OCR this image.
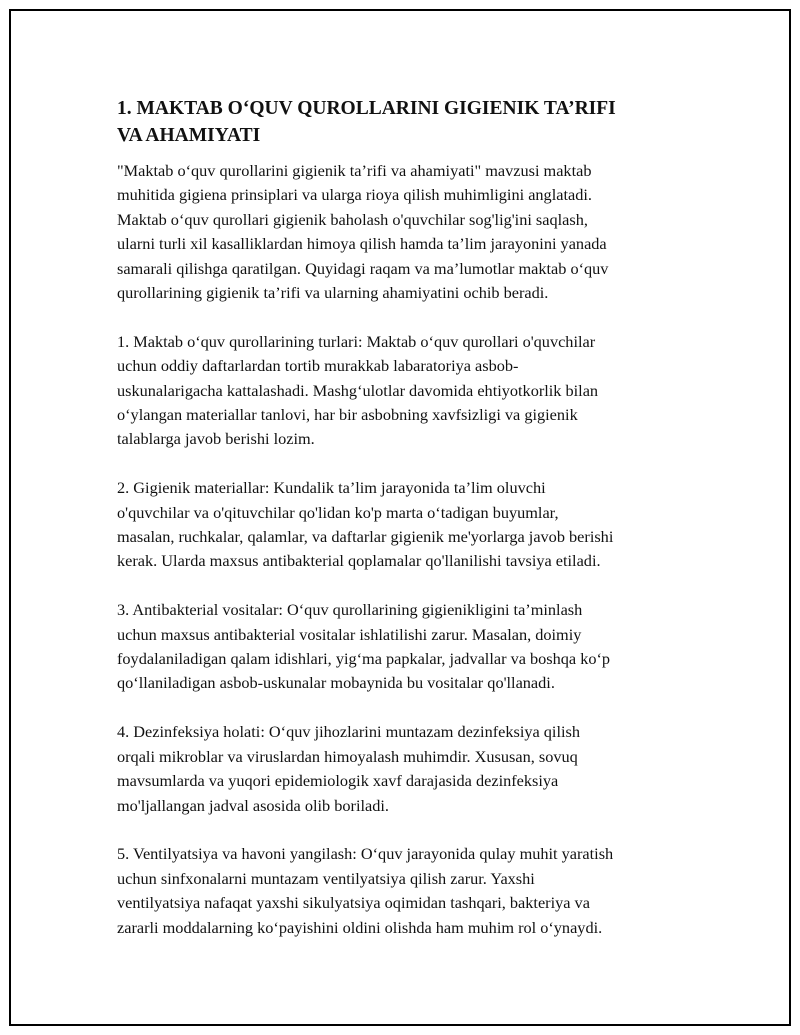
1. MAKTAB O‘QUV QUROLLARINI GIGIENIK TA’RIFI
VA AHAMIYATI
"Maktab o‘quv qurollarini gigienik ta’rifi va ahamiyati" mavzusi maktab
muhitida gigiena prinsiplari va ularga rioya qilish muhimligini anglatadi.
Maktab o‘quv qurollari gigienik baholash o'quvchilar sog'lig'ini saqlash,
ularni turli xil kasalliklardan himoya qilish hamda ta’lim jarayonini yanada
samarali qilishga qaratilgan. Quyidagi raqam va ma’lumotlar maktab o‘quv
qurollarining gigienik ta’rifi va ularning ahamiyatini ochib beradi.
1. Maktab o‘quv qurollarining turlari: Maktab o‘quv qurollari o'quvchilar
uchun oddiy daftarlardan tortib murakkab labaratoriya asbob-
uskunalarigacha kattalashadi. Mashg‘ulotlar davomida ehtiyotkorlik bilan
o‘ylangan materiallar tanlovi, har bir asbobning xavfsizligi va gigienik
talablarga javob berishi lozim.
2. Gigienik materiallar: Kundalik ta’lim jarayonida ta’lim oluvchi
o'quvchilar va o'qituvchilar qo'lidan ko'p marta o‘tadigan buyumlar,
masalan, ruchkalar, qalamlar, va daftarlar gigienik me'yorlarga javob berishi
kerak. Ularda maxsus antibakterial qoplamalar qo'llanilishi tavsiya etiladi.
3. Antibakterial vositalar: O‘quv qurollarining gigienikligini ta’minlash
uchun maxsus antibakterial vositalar ishlatilishi zarur. Masalan, doimiy
foydalaniladigan qalam idishlari, yig‘ma papkalar, jadvallar va boshqa ko‘p
qo‘llaniladigan asbob-uskunalar mobaynida bu vositalar qo'llanadi.
4. Dezinfeksiya holati: O‘quv jihozlarini muntazam dezinfeksiya qilish
orqali mikroblar va viruslardan himoyalash muhimdir. Xususan, sovuq
mavsumlarda va yuqori epidemiologik xavf darajasida dezinfeksiya
mo'ljallangan jadval asosida olib boriladi.
5. Ventilyatsiya va havoni yangilash: O‘quv jarayonida qulay muhit yaratish
uchun sinfxonalarni muntazam ventilyatsiya qilish zarur. Yaxshi
ventilyatsiya nafaqat yaxshi sikulyatsiya oqimidan tashqari, bakteriya va
zararli moddalarning ko‘payishini oldini olishda ham muhim rol o‘ynaydi.
